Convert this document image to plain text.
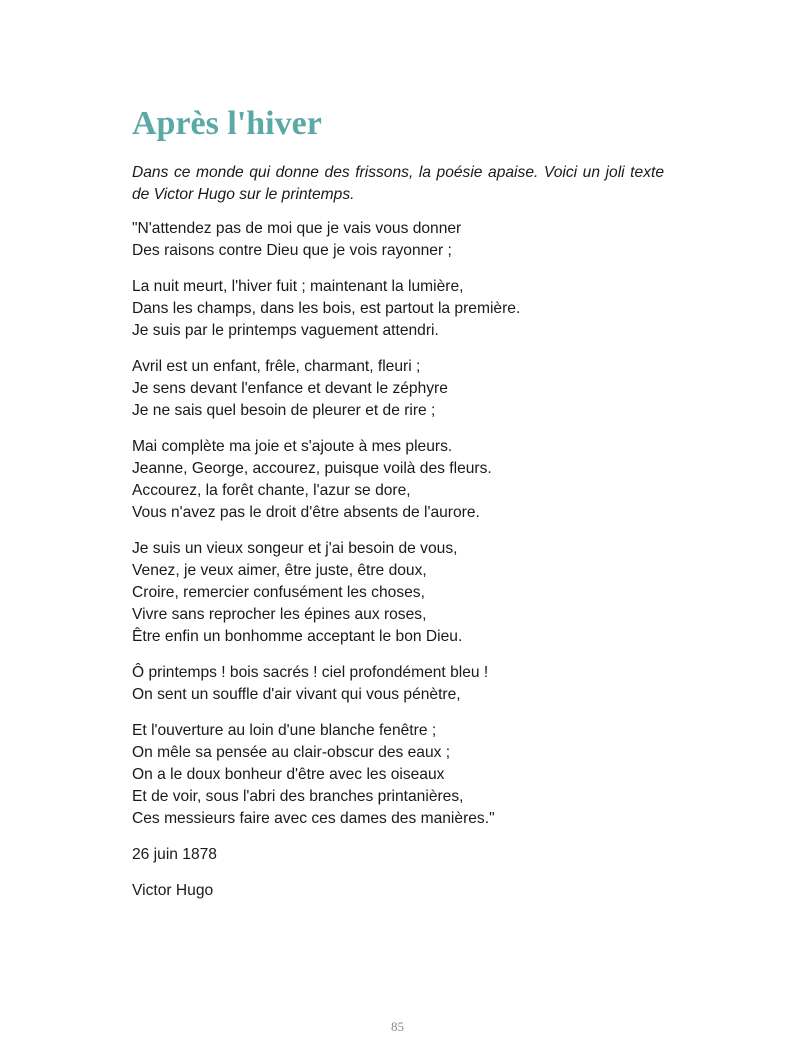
Après l'hiver

Dans ce monde qui donne des frissons, la poésie apaise. Voici un joli texte de Victor Hugo sur le printemps.

"N'attendez pas de moi que je vais vous donner
Des raisons contre Dieu que je vois rayonner ;
La nuit meurt, l'hiver fuit ; maintenant la lumière,
Dans les champs, dans les bois, est partout la première.
Je suis par le printemps vaguement attendri.
Avril est un enfant, frêle, charmant, fleuri ;
Je sens devant l'enfance et devant le zéphyre
Je ne sais quel besoin de pleurer et de rire ;
Mai complète ma joie et s'ajoute à mes pleurs.
Jeanne, George, accourez, puisque voilà des fleurs.
Accourez, la forêt chante, l'azur se dore,
Vous n'avez pas le droit d'être absents de l'aurore.
Je suis un vieux songeur et j'ai besoin de vous,
Venez, je veux aimer, être juste, être doux,
Croire, remercier confusément les choses,
Vivre sans reprocher les épines aux roses,
Être enfin un bonhomme acceptant le bon Dieu.
Ô printemps ! bois sacrés ! ciel profondément bleu !
On sent un souffle d'air vivant qui vous pénètre,
Et l'ouverture au loin d'une blanche fenêtre ;
On mêle sa pensée au clair-obscur des eaux ;
On a le doux bonheur d'être avec les oiseaux
Et de voir, sous l'abri des branches printanières,
Ces messieurs faire avec ces dames des manières."
26 juin 1878
Victor Hugo
85
